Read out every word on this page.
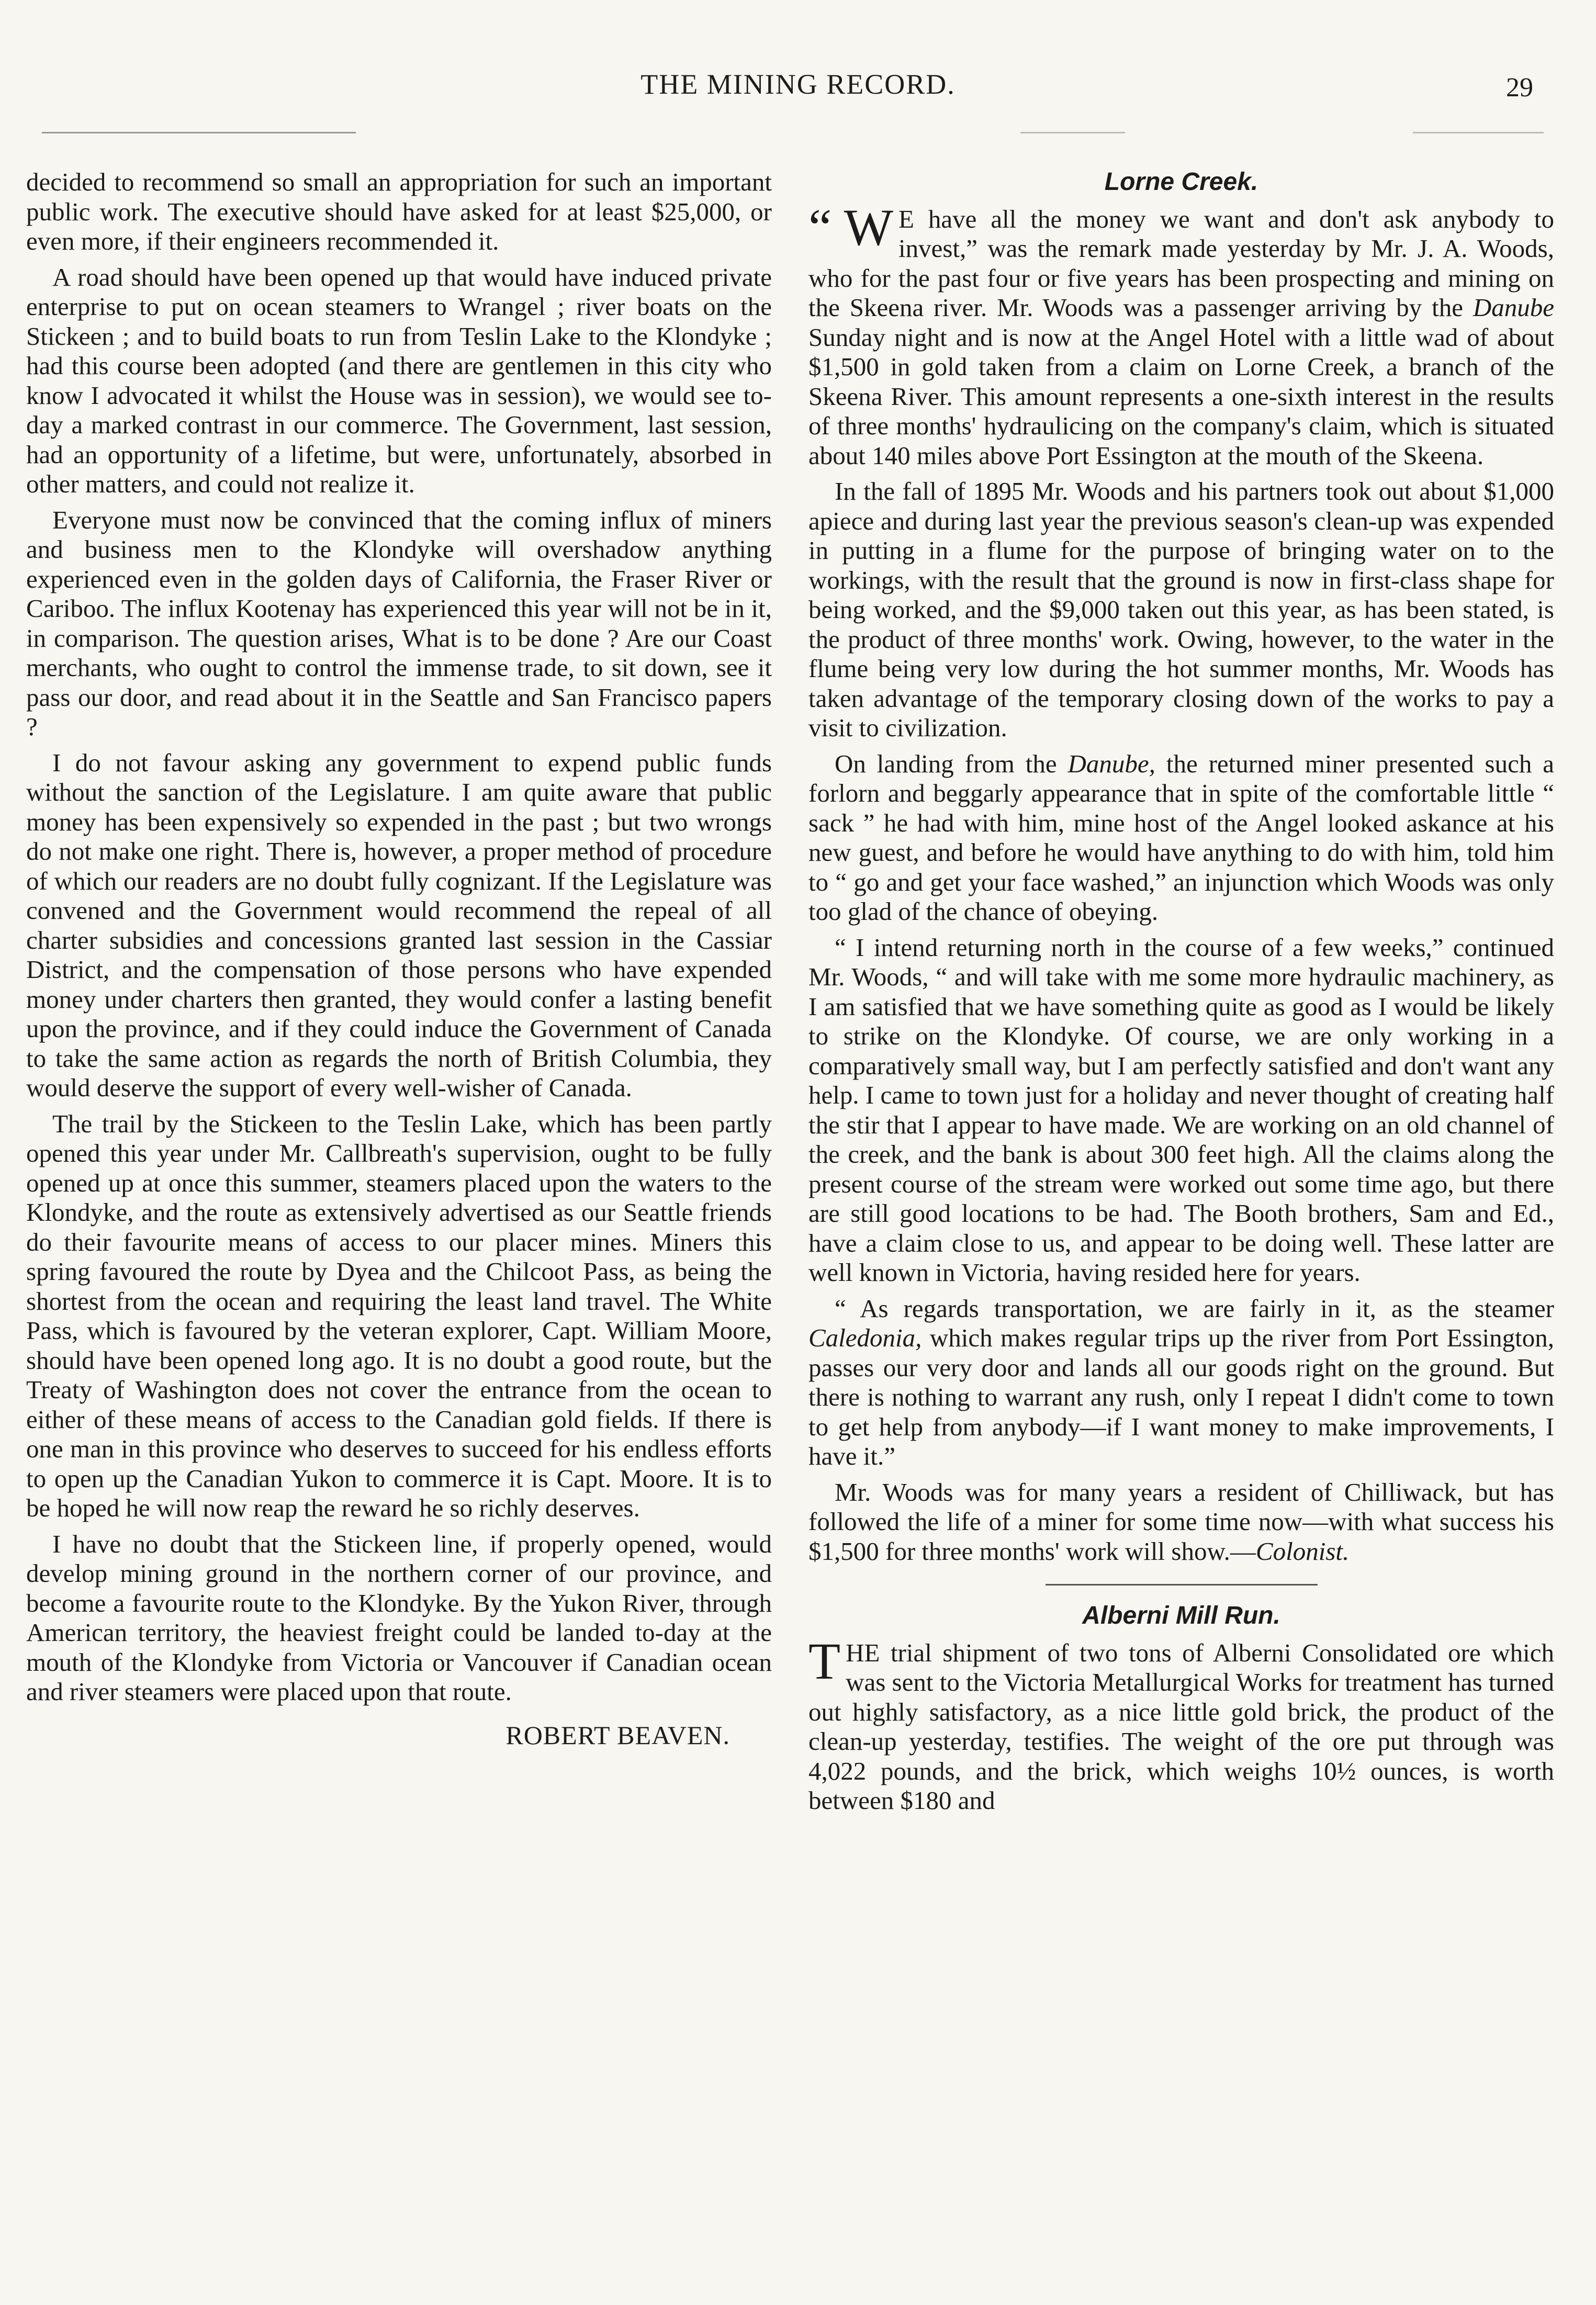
THE MINING RECORD.	29

decided to recommend so small an appropriation for such an important public work. The executive should have asked for at least $25,000, or even more, if their engineers recommended it.

A road should have been opened up that would have induced private enterprise to put on ocean steamers to Wrangel ; river boats on the Stickeen ; and to build boats to run from Teslin Lake to the Klondyke ; had this course been adopted (and there are gentlemen in this city who know I advocated it whilst the House was in session), we would see to-day a marked contrast in our commerce. The Government, last session, had an opportunity of a lifetime, but were, unfortunately, absorbed in other matters, and could not realize it.

Everyone must now be convinced that the coming influx of miners and business men to the Klondyke will overshadow anything experienced even in the golden days of California, the Fraser River or Cariboo. The influx Kootenay has experienced this year will not be in it, in comparison. The question arises, What is to be done ? Are our Coast merchants, who ought to control the immense trade, to sit down, see it pass our door, and read about it in the Seattle and San Francisco papers ?

I do not favour asking any government to expend public funds without the sanction of the Legislature. I am quite aware that public money has been expensively so expended in the past ; but two wrongs do not make one right. There is, however, a proper method of procedure of which our readers are no doubt fully cognizant. If the Legislature was convened and the Government would recommend the repeal of all charter subsidies and concessions granted last session in the Cassiar District, and the compensation of those persons who have expended money under charters then granted, they would confer a lasting benefit upon the province, and if they could induce the Government of Canada to take the same action as regards the north of British Columbia, they would deserve the support of every well-wisher of Canada.

The trail by the Stickeen to the Teslin Lake, which has been partly opened this year under Mr. Callbreath's supervision, ought to be fully opened up at once this summer, steamers placed upon the waters to the Klondyke, and the route as extensively advertised as our Seattle friends do their favourite means of access to our placer mines. Miners this spring favoured the route by Dyea and the Chilcoot Pass, as being the shortest from the ocean and requiring the least land travel. The White Pass, which is favoured by the veteran explorer, Capt. William Moore, should have been opened long ago. It is no doubt a good route, but the Treaty of Washington does not cover the entrance from the ocean to either of these means of access to the Canadian gold fields. If there is one man in this province who deserves to succeed for his endless efforts to open up the Canadian Yukon to commerce it is Capt. Moore. It is to be hoped he will now reap the reward he so richly deserves.

I have no doubt that the Stickeen line, if properly opened, would develop mining ground in the northern corner of our province, and become a favourite route to the Klondyke. By the Yukon River, through American territory, the heaviest freight could be landed to-day at the mouth of the Klondyke from Victoria or Vancouver if Canadian ocean and river steamers were placed upon that route.

ROBERT BEAVEN.
Lorne Creek.

“ W E have all the money we want and don't ask anybody to invest,” was the remark made yesterday by Mr. J. A. Woods, who for the past four or five years has been prospecting and mining on the Skeena river. Mr. Woods was a passenger arriving by the Danube Sunday night and is now at the Angel Hotel with a little wad of about $1,500 in gold taken from a claim on Lorne Creek, a branch of the Skeena River. This amount represents a one-sixth interest in the results of three months' hydraulicing on the company's claim, which is situated about 140 miles above Port Essington at the mouth of the Skeena.

In the fall of 1895 Mr. Woods and his partners took out about $1,000 apiece and during last year the previous season's clean-up was expended in putting in a flume for the purpose of bringing water on to the workings, with the result that the ground is now in first-class shape for being worked, and the $9,000 taken out this year, as has been stated, is the product of three months' work. Owing, however, to the water in the flume being very low during the hot summer months, Mr. Woods has taken advantage of the temporary closing down of the works to pay a visit to civilization.

On landing from the Danube, the returned miner presented such a forlorn and beggarly appearance that in spite of the comfortable little “ sack ” he had with him, mine host of the Angel looked askance at his new guest, and before he would have anything to do with him, told him to “ go and get your face washed,” an injunction which Woods was only too glad of the chance of obeying.

“ I intend returning north in the course of a few weeks,” continued Mr. Woods, “ and will take with me some more hydraulic machinery, as I am satisfied that we have something quite as good as I would be likely to strike on the Klondyke. Of course, we are only working in a comparatively small way, but I am perfectly satisfied and don't want any help. I came to town just for a holiday and never thought of creating half the stir that I appear to have made. We are working on an old channel of the creek, and the bank is about 300 feet high. All the claims along the present course of the stream were worked out some time ago, but there are still good locations to be had. The Booth brothers, Sam and Ed., have a claim close to us, and appear to be doing well. These latter are well known in Victoria, having resided here for years.

“ As regards transportation, we are fairly in it, as the steamer Caledonia, which makes regular trips up the river from Port Essington, passes our very door and lands all our goods right on the ground. But there is nothing to warrant any rush, only I repeat I didn't come to town to get help from anybody—if I want money to make improvements, I have it.”

Mr. Woods was for many years a resident of Chilliwack, but has followed the life of a miner for some time now—with what success his $1,500 for three months' work will show.—Colonist.

Alberni Mill Run.

THE trial shipment of two tons of Alberni Consolidated ore which was sent to the Victoria Metallurgical Works for treatment has turned out highly satisfactory, as a nice little gold brick, the product of the clean-up yesterday, testifies. The weight of the ore put through was 4,022 pounds, and the brick, which weighs 10½ ounces, is worth between $180 and
